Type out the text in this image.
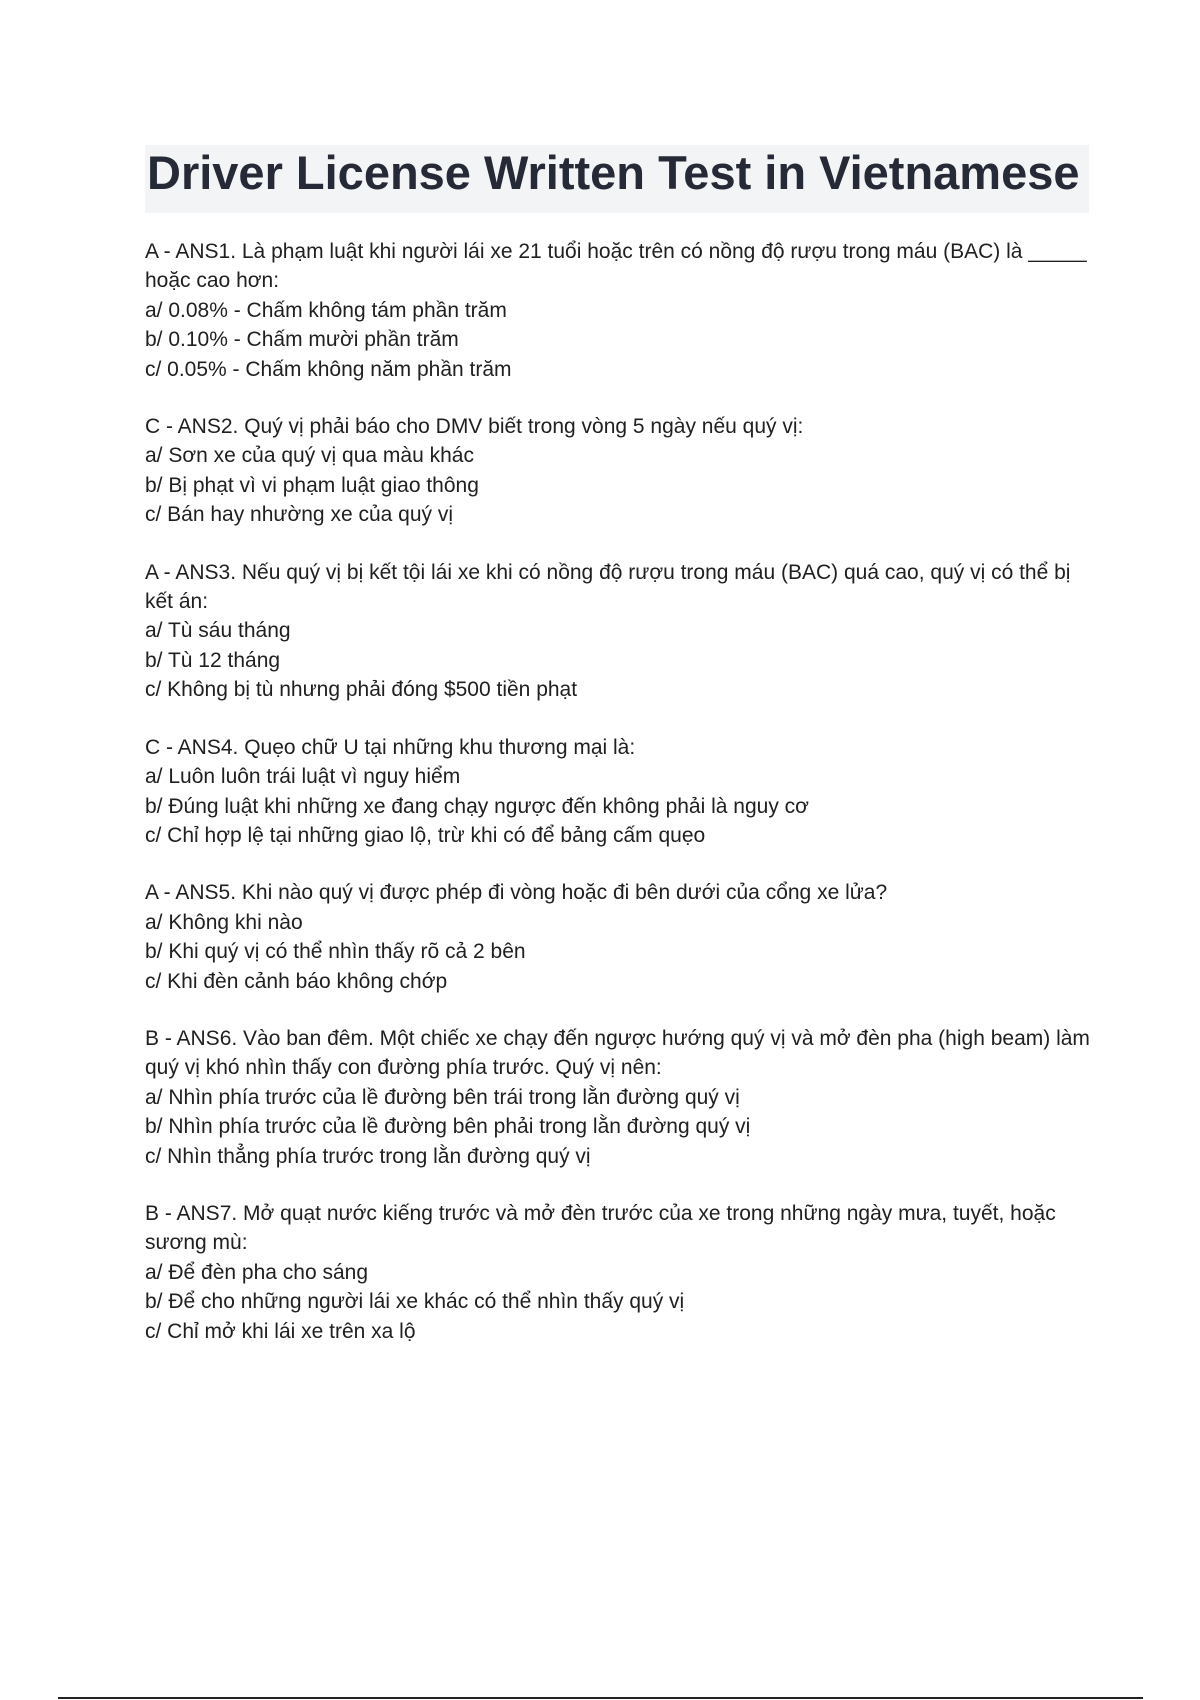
Driver License Written Test in Vietnamese

A - ANS1. Là phạm luật khi người lái xe 21 tuổi hoặc trên có nồng độ rượu trong máu (BAC) là _____ hoặc cao hơn:

a/ 0.08% - Chấm không tám phần trăm

b/ 0.10% - Chấm mười phần trăm

c/ 0.05% - Chấm không năm phần trăm

C - ANS2. Quý vị phải báo cho DMV biết trong vòng 5 ngày nếu quý vị:

a/ Sơn xe của quý vị qua màu khác

b/ Bị phạt vì vi phạm luật giao thông

c/ Bán hay nhường xe của quý vị

A - ANS3. Nếu quý vị bị kết tội lái xe khi có nồng độ rượu trong máu (BAC) quá cao, quý vị có thể bị kết án:

a/ Tù sáu tháng

b/ Tù 12 tháng

c/ Không bị tù nhưng phải đóng $500 tiền phạt

C - ANS4. Quẹo chữ U tại những khu thương mại là:

a/ Luôn luôn trái luật vì nguy hiểm

b/ Đúng luật khi những xe đang chạy ngược đến không phải là nguy cơ

c/ Chỉ hợp lệ tại những giao lộ, trừ khi có để bảng cấm quẹo

A - ANS5. Khi nào quý vị được phép đi vòng hoặc đi bên dưới của cổng xe lửa?

a/ Không khi nào

b/ Khi quý vị có thể nhìn thấy rõ cả 2 bên

c/ Khi đèn cảnh báo không chớp

B - ANS6. Vào ban đêm. Một chiếc xe chạy đến ngược hướng quý vị và mở đèn pha (high beam) làm quý vị khó nhìn thấy con đường phía trước. Quý vị nên:

a/ Nhìn phía trước của lề đường bên trái trong lằn đường quý vị

b/ Nhìn phía trước của lề đường bên phải trong lằn đường quý vị

c/ Nhìn thẳng phía trước trong lằn đường quý vị

B - ANS7. Mở quạt nước kiếng trước và mở đèn trước của xe trong những ngày mưa, tuyết, hoặc sương mù:

a/ Để đèn pha cho sáng

b/ Để cho những người lái xe khác có thể nhìn thấy quý vị

c/ Chỉ mở khi lái xe trên xa lộ
